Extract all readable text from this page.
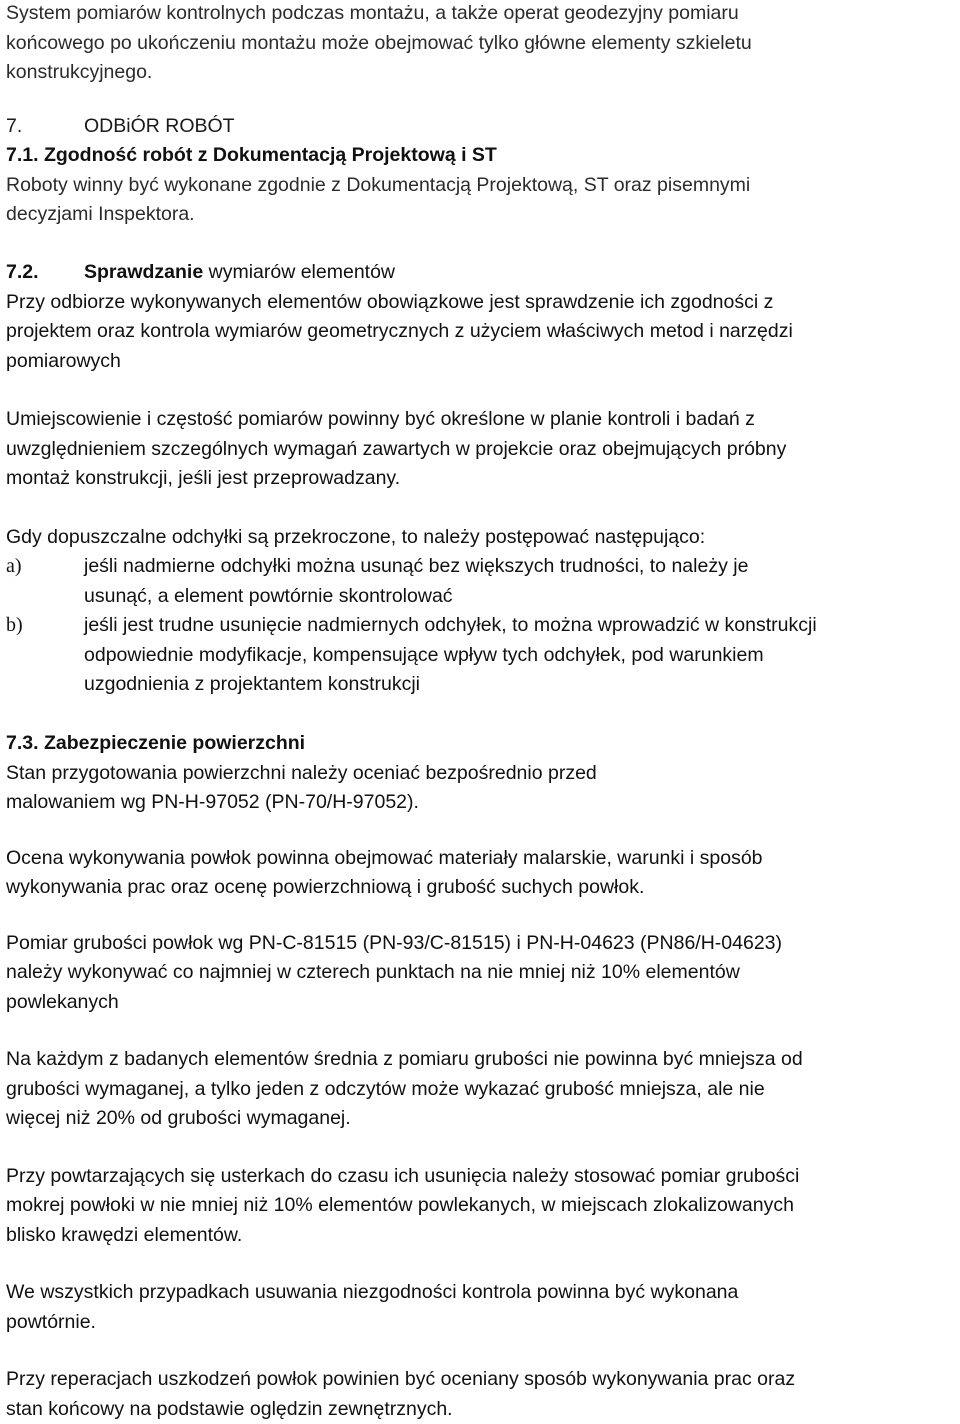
System pomiarów kontrolnych podczas montażu, a także operat geodezyjny pomiaru
końcowego po ukończeniu montażu może obejmować tylko główne elementy szkieletu
konstrukcyjnego.
7.	ODBiÓR ROBÓT
7.1. Zgodność robót z Dokumentacją Projektową i ST
Roboty winny być wykonane zgodnie z Dokumentacją Projektową, ST oraz pisemnymi
decyzjami Inspektora.
7.2. Sprawdzanie wymiarów elementów
Przy odbiorze wykonywanych elementów obowiązkowe jest sprawdzenie ich zgodności z
projektem oraz kontrola wymiarów geometrycznych z użyciem właściwych metod i narzędzi
pomiarowych
Umiejscowienie i częstość pomiarów powinny być określone w planie kontroli i badań z
uwzględnieniem szczególnych wymagań zawartych w projekcie oraz obejmujących próbny
montaż konstrukcji, jeśli jest przeprowadzany.
Gdy dopuszczalne odchyłki są przekroczone, to należy postępować następująco:
a)	jeśli nadmierne odchyłki można usunąć bez większych trudności, to należy je
usunąć, a element powtórnie skontrolować
b)	jeśli jest trudne usunięcie nadmiernych odchyłek, to można wprowadzić w konstrukcji
odpowiednie modyfikacje, kompensujące wpływ tych odchyłek, pod warunkiem
uzgodnienia z projektantem konstrukcji
7.3. Zabezpieczenie powierzchni
Stan przygotowania powierzchni należy oceniać bezpośrednio przed
malowaniem wg PN-H-97052 (PN-70/H-97052).
Ocena wykonywania powłok powinna obejmować materiały malarskie, warunki i sposób
wykonywania prac oraz ocenę powierzchniową i grubość suchych powłok.
Pomiar grubości powłok wg PN-C-81515 (PN-93/C-81515) i PN-H-04623 (PN86/H-04623)
należy wykonywać co najmniej w czterech punktach na nie mniej niż 10% elementów
powlekanych
Na każdym z badanych elementów średnia z pomiaru grubości nie powinna być mniejsza od
grubości wymaganej, a tylko jeden z odczytów może wykazać grubość mniejsza, ale nie
więcej niż 20% od grubości wymaganej.
Przy powtarzających się usterkach do czasu ich usunięcia należy stosować pomiar grubości
mokrej powłoki w nie mniej niż 10% elementów powlekanych, w miejscach zlokalizowanych
blisko krawędzi elementów.
We wszystkich przypadkach usuwania niezgodności kontrola powinna być wykonana
powtórnie.
Przy reperacjach uszkodzeń powłok powinien być oceniany sposób wykonywania prac oraz
stan końcowy na podstawie oględzin zewnętrznych.
